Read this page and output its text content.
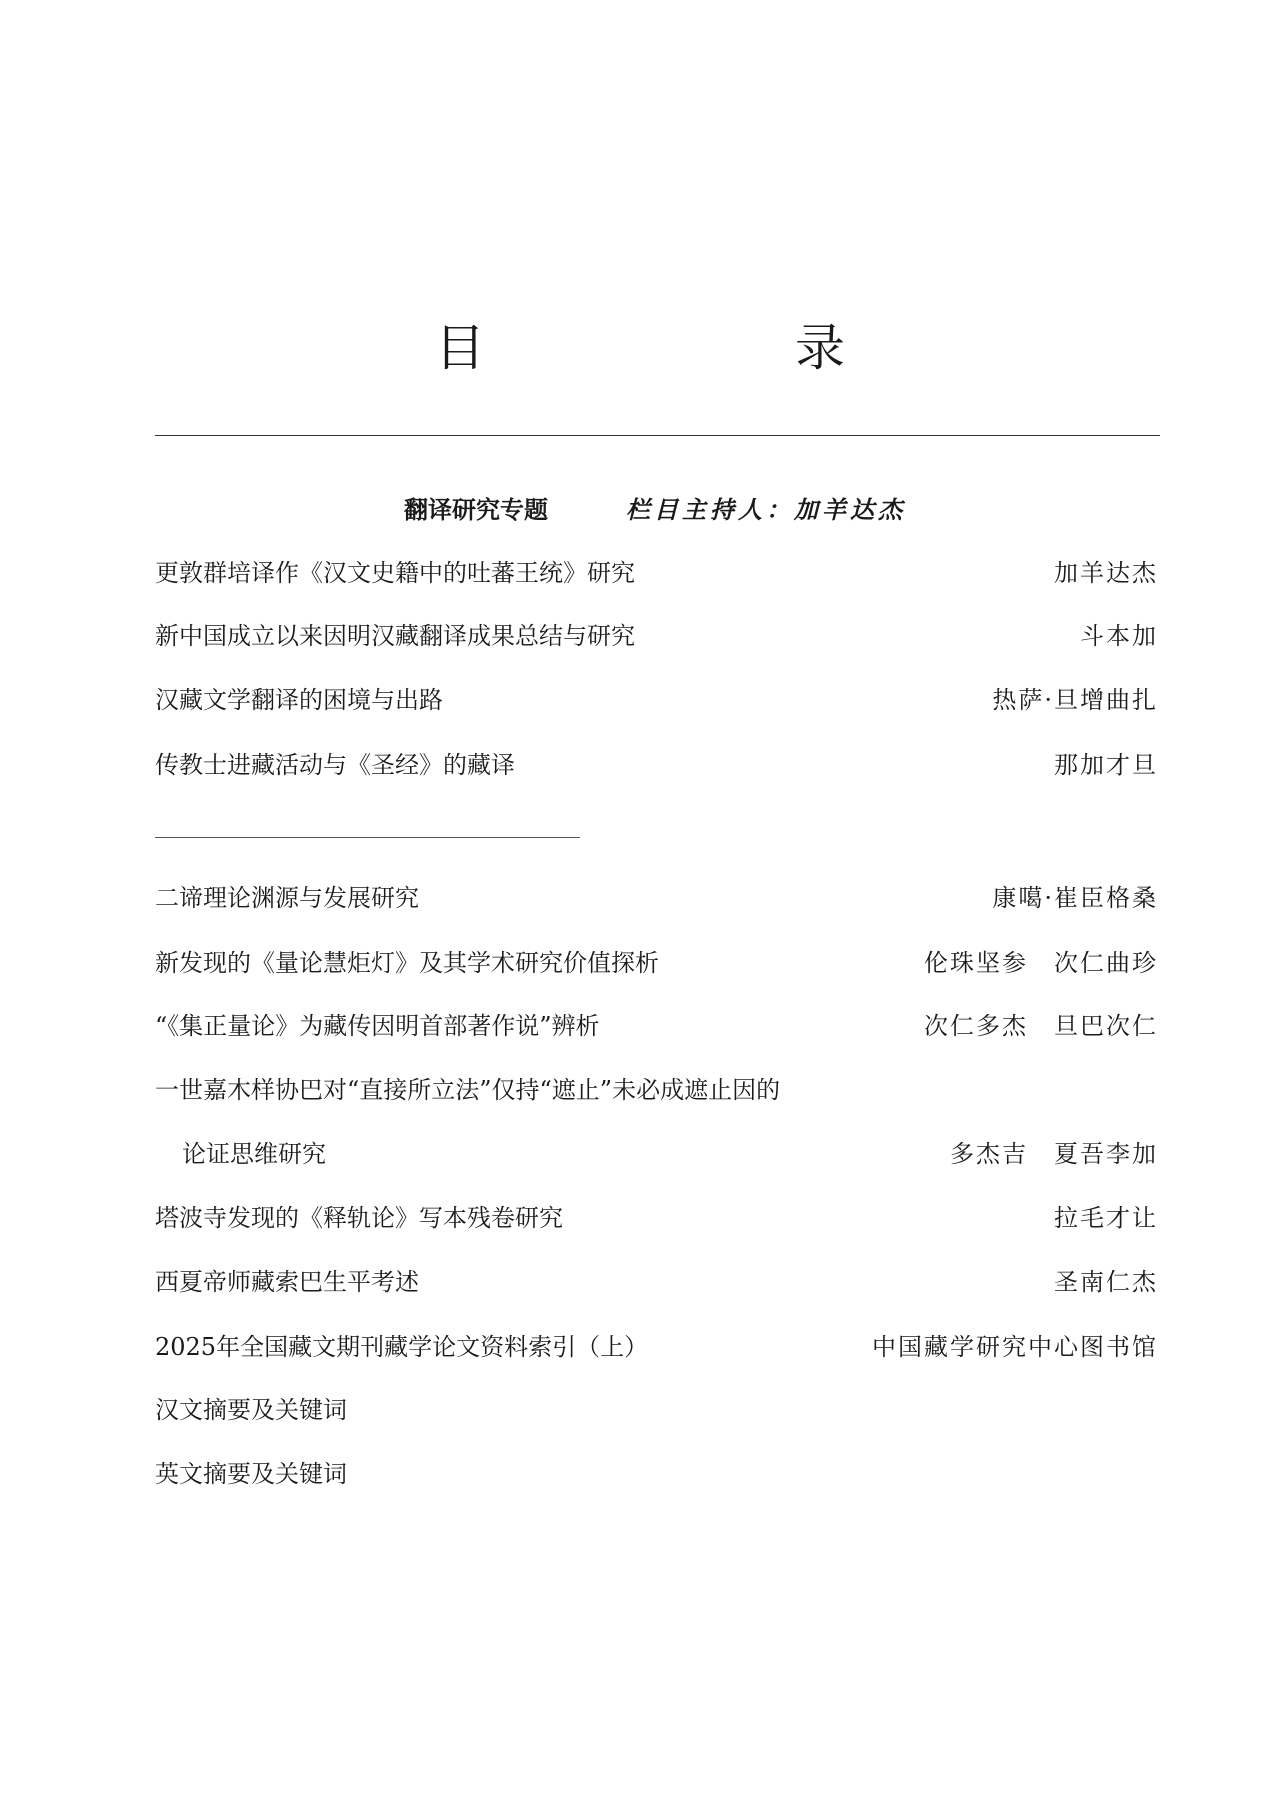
目　录
翻译研究专题	栏目主持人：加羊达杰
更敦群培译作《汉文史籍中的吐蕃王统》研究	加羊达杰
新中国成立以来因明汉藏翻译成果总结与研究	斗本加
汉藏文学翻译的困境与出路	热萨·旦增曲扎
传教士进藏活动与《圣经》的藏译	那加才旦
二谛理论渊源与发展研究	康噶·崔臣格桑
新发现的《量论慧炬灯》及其学术研究价值探析	伦珠坚参　次仁曲珍
“《集正量论》为藏传因明首部著作说”辨析	次仁多杰　旦巴次仁
一世嘉木样协巴对“直接所立法”仅持“遮止”未必成遮止因的
论证思维研究	多杰吉　夏吾李加
塔波寺发现的《释轨论》写本残卷研究	拉毛才让
西夏帝师藏索巴生平考述	圣南仁杰
2025年全国藏文期刊藏学论文资料索引（上）	中国藏学研究中心图书馆
汉文摘要及关键词
英文摘要及关键词
